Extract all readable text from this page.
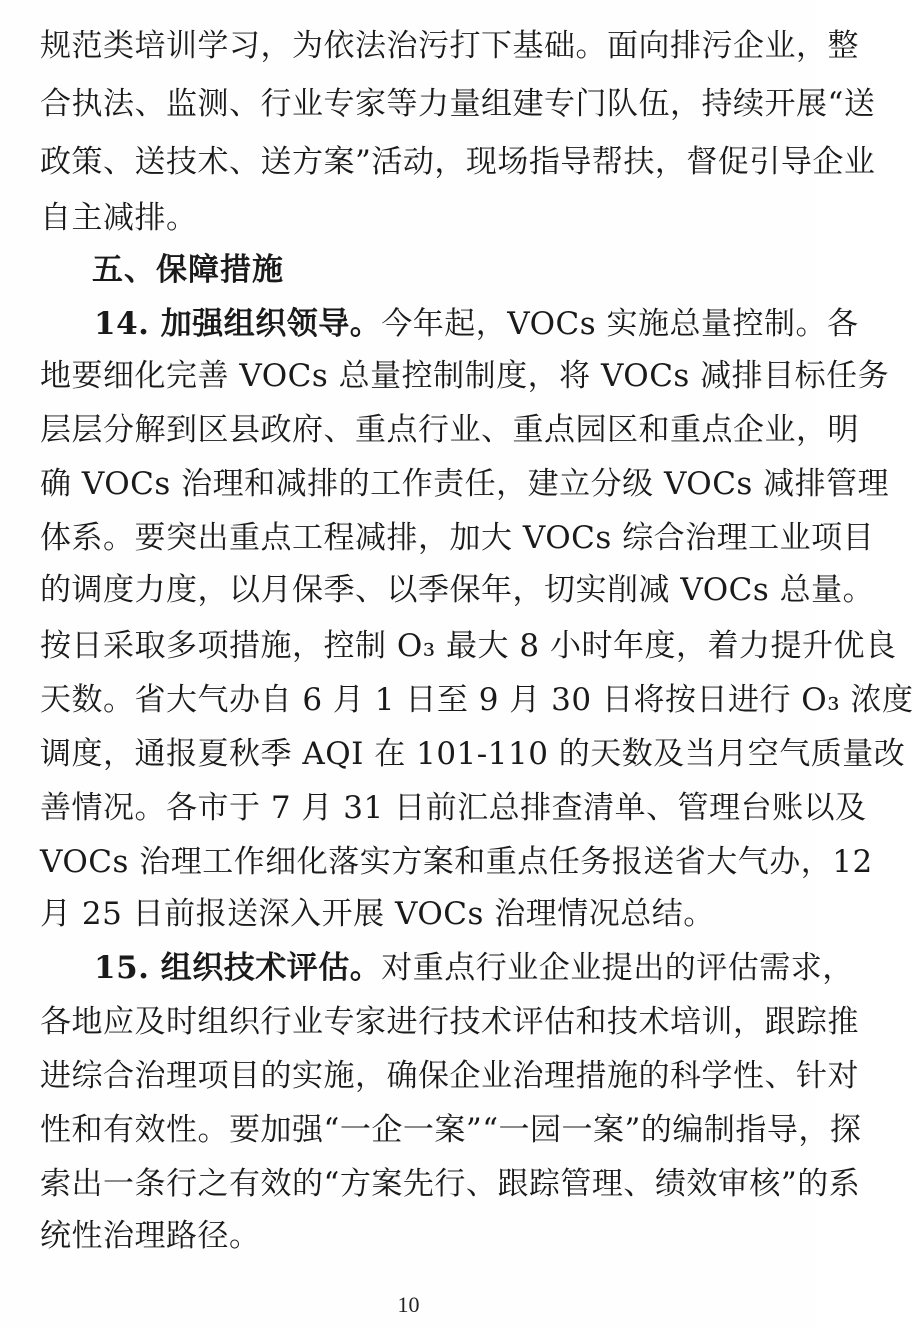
规范类培训学习，为依法治污打下基础。面向排污企业，整
合执法、监测、行业专家等力量组建专门队伍，持续开展“送
政策、送技术、送方案”活动，现场指导帮扶，督促引导企业
自主减排。
五、保障措施
14. 加强组织领导。今年起，VOCs 实施总量控制。各
地要细化完善 VOCs 总量控制制度，将 VOCs 减排目标任务
层层分解到区县政府、重点行业、重点园区和重点企业，明
确 VOCs 治理和减排的工作责任，建立分级 VOCs 减排管理
体系。要突出重点工程减排，加大 VOCs 综合治理工业项目
的调度力度，以月保季、以季保年，切实削减 VOCs 总量。
按日采取多项措施，控制 O₃ 最大 8 小时年度，着力提升优良
天数。省大气办自 6 月 1 日至 9 月 30 日将按日进行 O₃ 浓度
调度，通报夏秋季 AQI 在 101-110 的天数及当月空气质量改
善情况。各市于 7 月 31 日前汇总排查清单、管理台账以及
VOCs 治理工作细化落实方案和重点任务报送省大气办，12
月 25 日前报送深入开展 VOCs 治理情况总结。
15. 组织技术评估。对重点行业企业提出的评估需求，
各地应及时组织行业专家进行技术评估和技术培训，跟踪推
进综合治理项目的实施，确保企业治理措施的科学性、针对
性和有效性。要加强“一企一案”“一园一案”的编制指导，探
索出一条行之有效的“方案先行、跟踪管理、绩效审核”的系
统性治理路径。
10
